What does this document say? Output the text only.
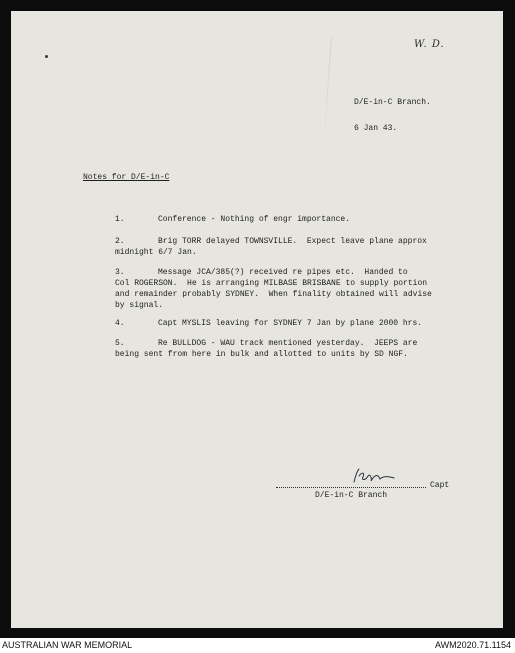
W. D.
D/E-in-C Branch.
6 Jan 43.
Notes for D/E-in-C
1.	Conference - Nothing of engr importance.
2.	Brig TORR delayed TOWNSVILLE.  Expect leave plane approx
midnight 6/7 Jan.
3.	Message JCA/385(?) received re pipes etc.  Handed to
Col ROGERSON.  He is arranging MILBASE BRISBANE to supply portion
and remainder probably SYDNEY.  When finality obtained will advise
by signal.
4.	Capt MYSLIS leaving for SYDNEY 7 Jan by plane 2000 hrs.
5.	Re BULLDOG - WAU track mentioned yesterday.  JEEPS are
being sent from here in bulk and allotted to units by SD NGF.
Capt
D/E-in-C Branch
AUSTRALIAN WAR MEMORIAL	AWM2020.71.1154
